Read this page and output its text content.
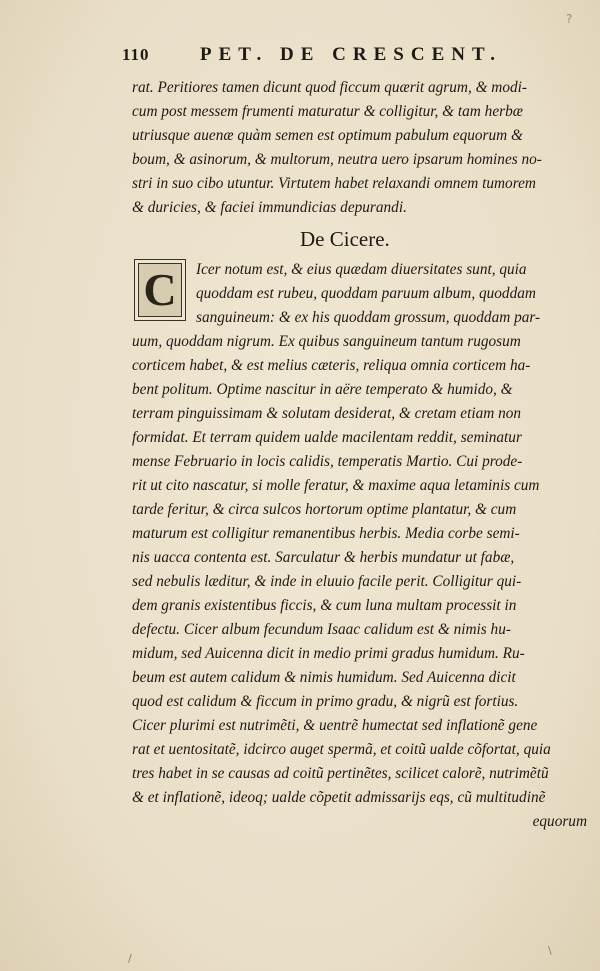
?
110	PET. DE CRESCENT.
rat. Peritiores tamen dicunt quod ficcum quærit agrum, & modi-
cum post messem frumenti maturatur & colligitur, & tam herbæ
utriusque auenæ quàm semen est optimum pabulum equorum &
boum, & asinorum, & multorum, neutra uero ipsarum homines no-
stri in suo cibo utuntur. Virtutem habet relaxandi omnem tumorem
& duricies, & faciei immundicias depurandi.
De Cicere.
C Icer notum est, & eius quædam diuersitates sunt, quia
quoddam est rubeu, quoddam paruum album, quoddam
sanguineum: & ex his quoddam grossum, quoddam par-
uum, quoddam nigrum. Ex quibus sanguineum tantum rugosum
corticem habet, & est melius cæteris, reliqua omnia corticem ha-
bent politum. Optime nascitur in aëre temperato & humido, &
terram pinguissimam & solutam desiderat, & cretam etiam non
formidat. Et terram quidem ualde macilentam reddit, seminatur
mense Februario in locis calidis, temperatis Martio. Cui prode-
rit ut cito nascatur, si molle feratur, & maxime aqua letaminis cum
tarde feritur, & circa sulcos hortorum optime plantatur, & cum
maturum est colligitur remanentibus herbis. Media corbe semi-
nis uacca contenta est. Sarculatur & herbis mundatur ut fabæ,
sed nebulis læditur, & inde in eluuio facile perit. Colligitur qui-
dem granis existentibus ficcis, & cum luna multam processit in
defectu. Cicer album fecundum Isaac calidum est & nimis hu-
midum, sed Auicenna dicit in medio primi gradus humidum. Ru-
beum est autem calidum & nimis humidum. Sed Auicenna dicit
quod est calidum & ficcum in primo gradu, & nigrũ est fortius.
Cicer plurimi est nutrimẽti, & uentrẽ humectat sed inflationẽ gene
rat et uentositatẽ, idcirco auget spermã, et coitũ ualde cõfortat, quia
tres habet in se causas ad coitũ pertinẽtes, scilicet calorẽ, nutrimẽtũ
& et inflationẽ, ideoq; ualde cõpetit admissarijs eqs, cũ multitudinẽ
equorum
/
\
